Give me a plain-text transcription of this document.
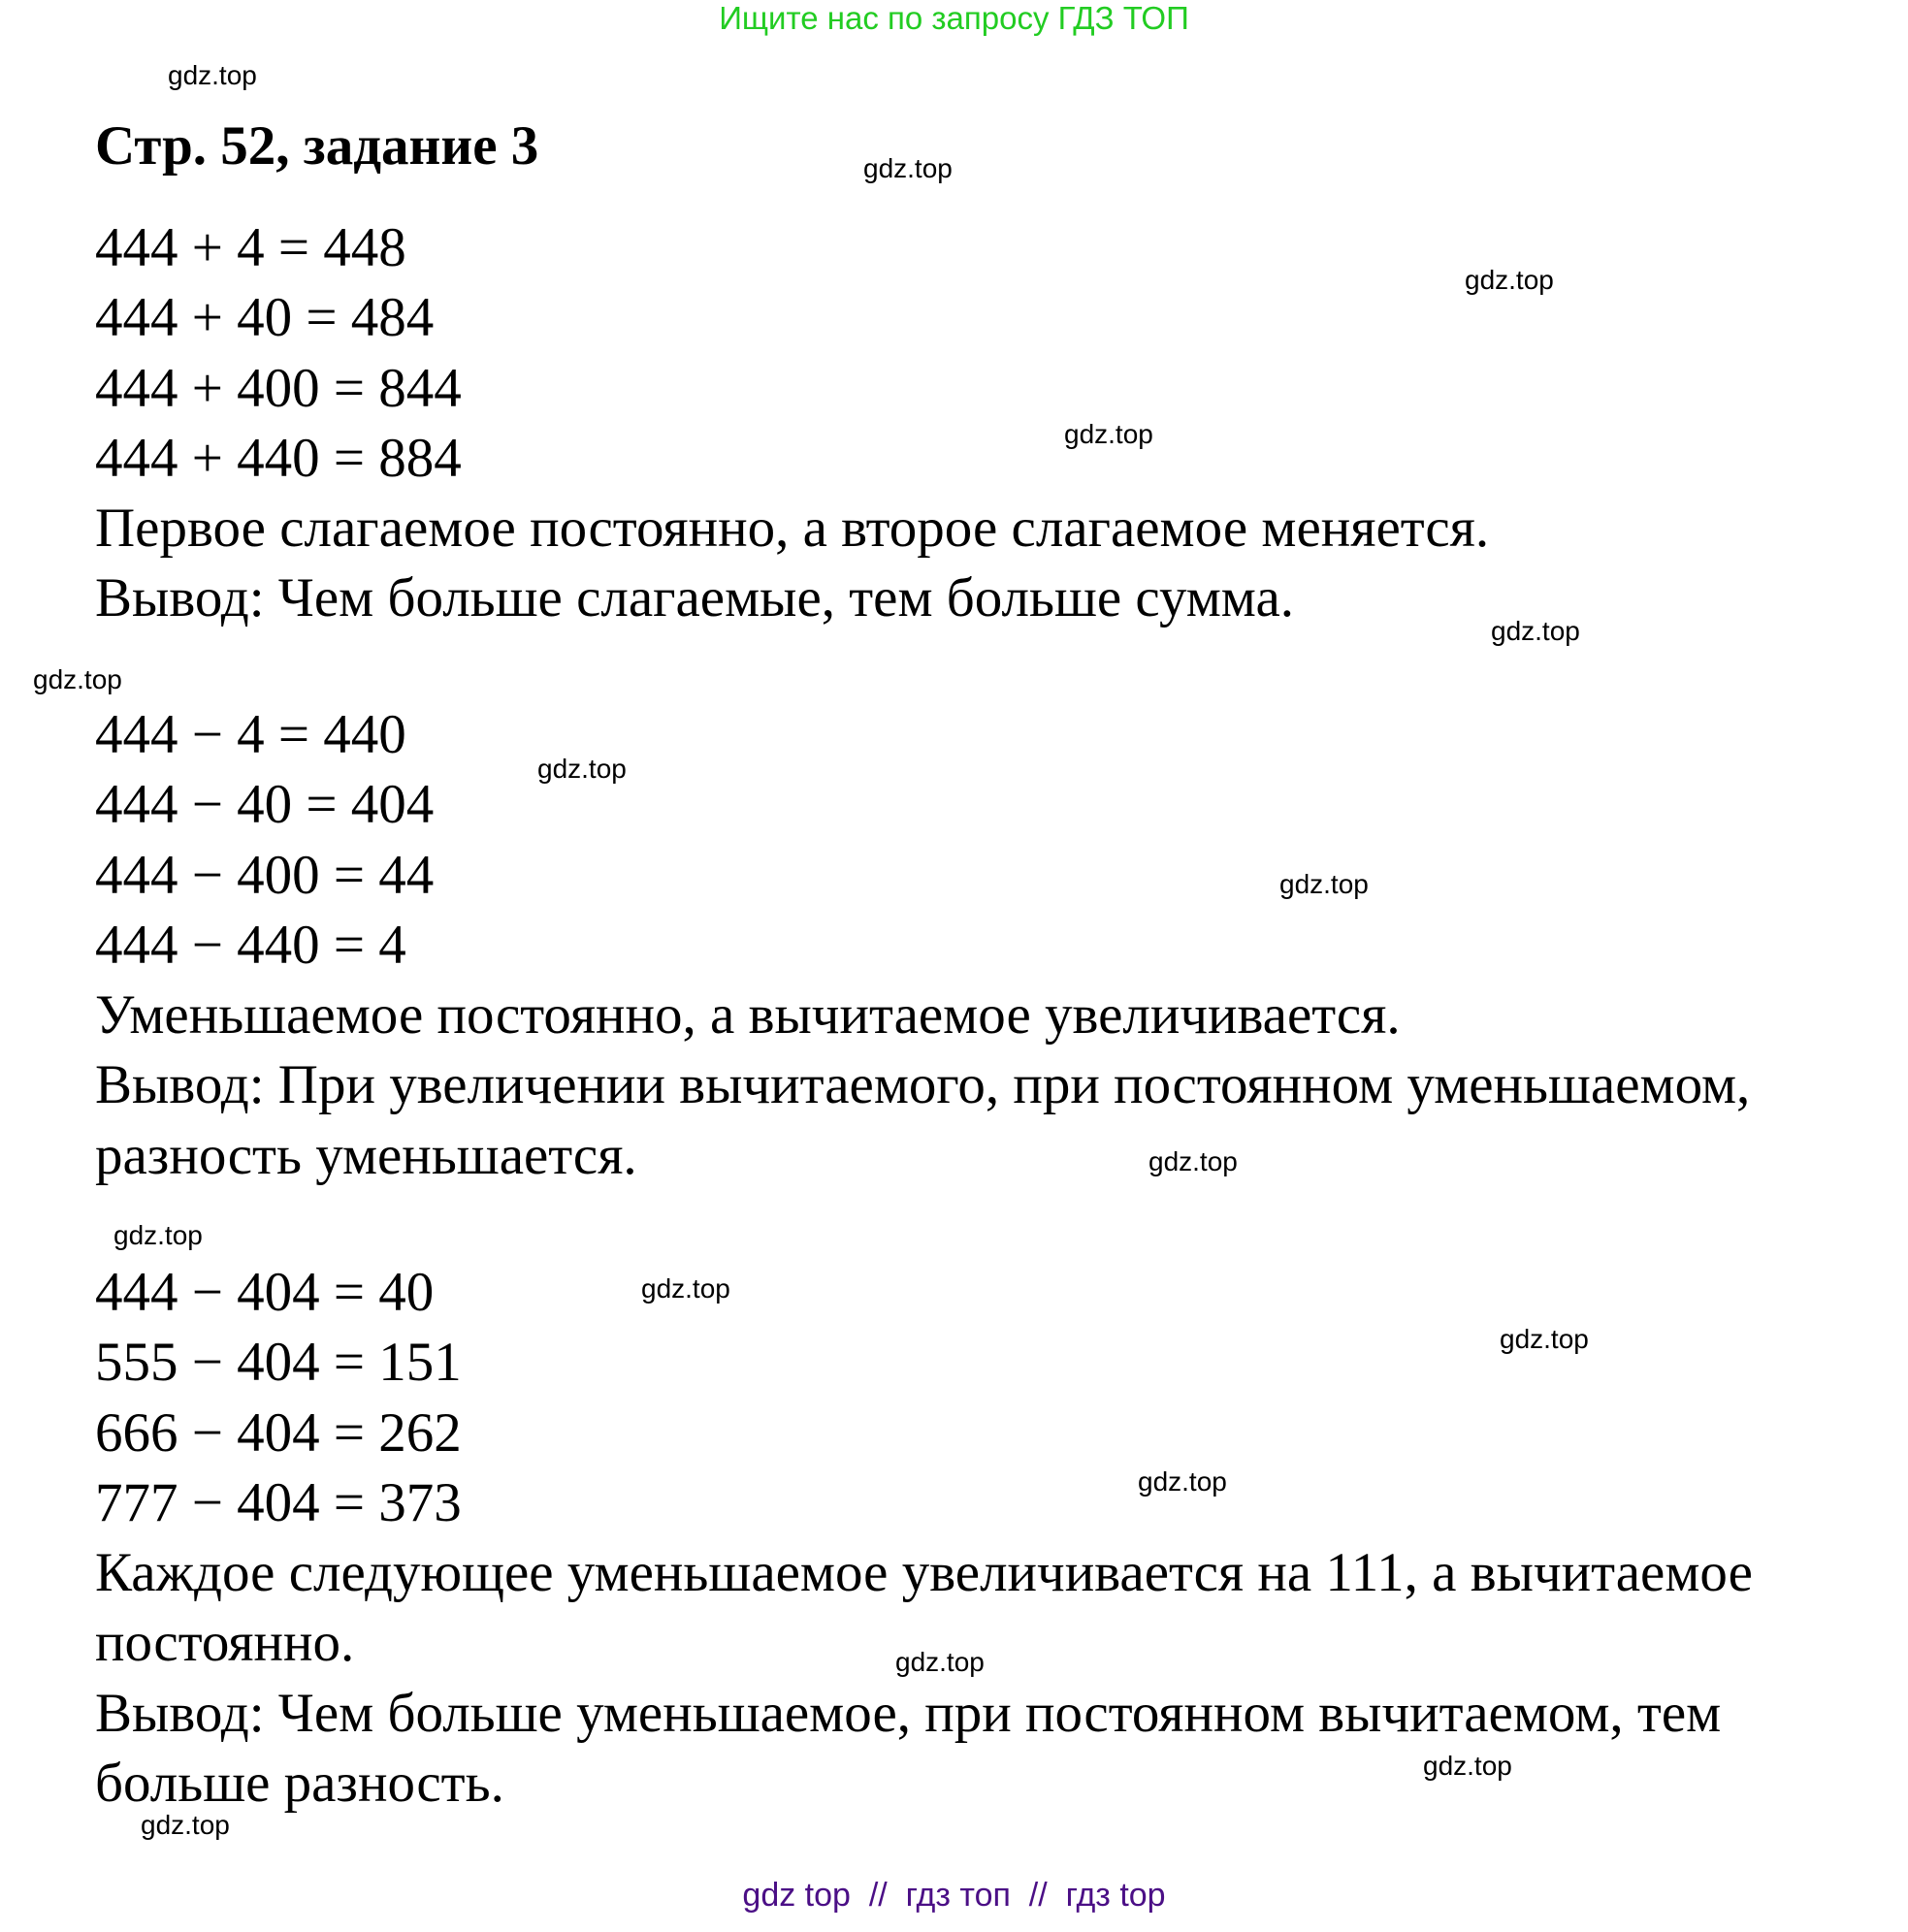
Ищите нас по запросу ГДЗ ТОП
Стр. 52, задание 3
444 + 4 = 448
444 + 40 = 484
444 + 400 = 844
444 + 440 = 884
Первое слагаемое постоянно, а второе слагаемое меняется.
Вывод: Чем больше слагаемые, тем больше сумма.
444 − 4 = 440
444 − 40 = 404
444 − 400 = 44
444 − 440 = 4
Уменьшаемое постоянно, а вычитаемое увеличивается.
Вывод: При увеличении вычитаемого, при постоянном уменьшаемом,
разность уменьшается.
444 − 404 = 40
555 − 404 = 151
666 − 404 = 262
777 − 404 = 373
Каждое следующее уменьшаемое увеличивается на 111, а вычитаемое
постоянно.
Вывод: Чем больше уменьшаемое, при постоянном вычитаемом, тем
больше разность.
gdz.top
gdz.top
gdz.top
gdz.top
gdz.top
gdz.top
gdz.top
gdz.top
gdz.top
gdz.top
gdz.top
gdz.top
gdz.top
gdz.top
gdz.top
gdz.top
gdz top  //  гдз топ  //  гдз top
